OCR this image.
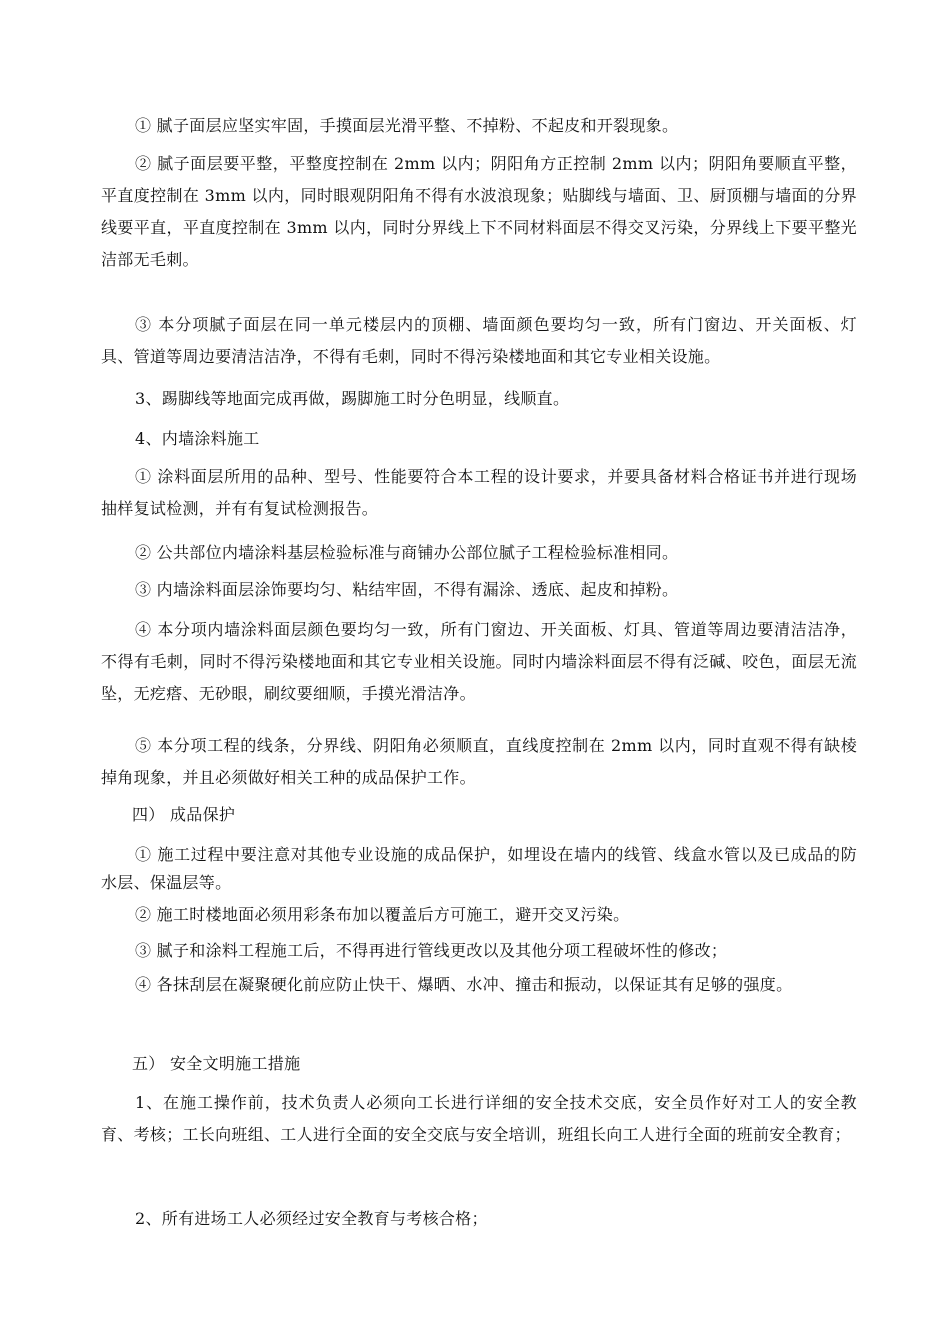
① 腻子面层应坚实牢固，手摸面层光滑平整、不掉粉、不起皮和开裂现象。

② 腻子面层要平整，平整度控制在 2mm 以内；阴阳角方正控制 2mm 以内；阴阳角要顺直平整，平直度控制在 3mm 以内，同时眼观阴阳角不得有水波浪现象；贴脚线与墙面、卫、厨顶棚与墙面的分界线要平直，平直度控制在 3mm 以内，同时分界线上下不同材料面层不得交叉污染，分界线上下要平整光洁部无毛刺。

③ 本分项腻子面层在同一单元楼层内的顶棚、墙面颜色要均匀一致，所有门窗边、开关面板、灯具、管道等周边要清洁洁净，不得有毛刺，同时不得污染楼地面和其它专业相关设施。

3、踢脚线等地面完成再做，踢脚施工时分色明显，线顺直。

4、内墙涂料施工

① 涂料面层所用的品种、型号、性能要符合本工程的设计要求，并要具备材料合格证书并进行现场抽样复试检测，并有有复试检测报告。

② 公共部位内墙涂料基层检验标准与商铺办公部位腻子工程检验标准相同。

③ 内墙涂料面层涂饰要均匀、粘结牢固，不得有漏涂、透底、起皮和掉粉。

④ 本分项内墙涂料面层颜色要均匀一致，所有门窗边、开关面板、灯具、管道等周边要清洁洁净，不得有毛刺，同时不得污染楼地面和其它专业相关设施。同时内墙涂料面层不得有泛碱、咬色，面层无流坠，无疙瘩、无砂眼，刷纹要细顺，手摸光滑洁净。

⑤ 本分项工程的线条，分界线、阴阳角必须顺直，直线度控制在 2mm 以内，同时直观不得有缺棱掉角现象，并且必须做好相关工种的成品保护工作。

四） 成品保护

① 施工过程中要注意对其他专业设施的成品保护，如埋设在墙内的线管、线盒水管以及已成品的防水层、保温层等。

② 施工时楼地面必须用彩条布加以覆盖后方可施工，避开交叉污染。

③ 腻子和涂料工程施工后，不得再进行管线更改以及其他分项工程破坏性的修改；

④ 各抹刮层在凝聚硬化前应防止快干、爆晒、水冲、撞击和振动，以保证其有足够的强度。

五） 安全文明施工措施

1、在施工操作前，技术负责人必须向工长进行详细的安全技术交底，安全员作好对工人的安全教育、考核；工长向班组、工人进行全面的安全交底与安全培训，班组长向工人进行全面的班前安全教育；

2、所有进场工人必须经过安全教育与考核合格；
